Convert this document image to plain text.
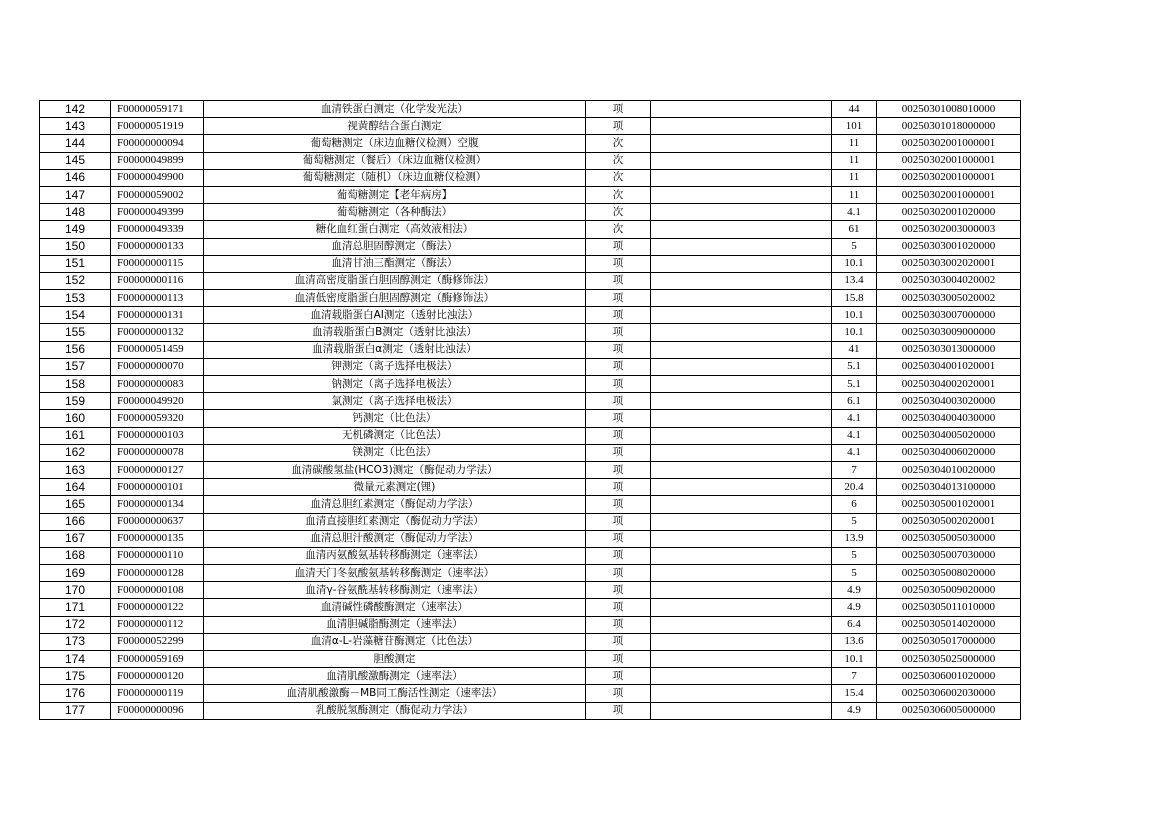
142	F00000059171	血清铁蛋白测定（化学发光法）	项		44	00250301008010000
143	F00000051919	视黄醇结合蛋白测定	项		101	00250301018000000
144	F00000000094	葡萄糖测定（床边血糖仪检测）空腹	次		11	00250302001000001
145	F00000049899	葡萄糖测定（餐后）（床边血糖仪检测）	次		11	00250302001000001
146	F00000049900	葡萄糖测定（随机）（床边血糖仪检测）	次		11	00250302001000001
147	F00000059002	葡萄糖测定【老年病房】	次		11	00250302001000001
148	F00000049399	葡萄糖测定（各种酶法）	次		4.1	00250302001020000
149	F00000049339	糖化血红蛋白测定（高效液相法）	次		61	00250302003000003
150	F00000000133	血清总胆固醇测定（酶法）	项		5	00250303001020000
151	F00000000115	血清甘油三酯测定（酶法）	项		10.1	00250303002020001
152	F00000000116	血清高密度脂蛋白胆固醇测定（酶修饰法）	项		13.4	00250303004020002
153	F00000000113	血清低密度脂蛋白胆固醇测定（酶修饰法）	项		15.8	00250303005020002
154	F00000000131	血清载脂蛋白AⅠ测定（透射比浊法）	项		10.1	00250303007000000
155	F00000000132	血清载脂蛋白B测定（透射比浊法）	项		10.1	00250303009000000
156	F00000051459	血清载脂蛋白α测定（透射比浊法）	项		41	00250303013000000
157	F00000000070	钾测定（离子选择电极法）	项		5.1	00250304001020001
158	F00000000083	钠测定（离子选择电极法）	项		5.1	00250304002020001
159	F00000049920	氯测定（离子选择电极法）	项		6.1	00250304003020000
160	F00000059320	钙测定（比色法）	项		4.1	00250304004030000
161	F00000000103	无机磷测定（比色法）	项		4.1	00250304005020000
162	F00000000078	镁测定（比色法）	项		4.1	00250304006020000
163	F00000000127	血清碳酸氢盐(HCO3)测定（酶促动力学法）	项		7	00250304010020000
164	F00000000101	微量元素测定(锂)	项		20.4	00250304013100000
165	F00000000134	血清总胆红素测定（酶促动力学法）	项		6	00250305001020001
166	F00000000637	血清直接胆红素测定（酶促动力学法）	项		5	00250305002020001
167	F00000000135	血清总胆汁酸测定（酶促动力学法）	项		13.9	00250305005030000
168	F00000000110	血清丙氨酸氨基转移酶测定（速率法）	项		5	00250305007030000
169	F00000000128	血清天门冬氨酸氨基转移酶测定（速率法）	项		5	00250305008020000
170	F00000000108	血清γ-谷氨酰基转移酶测定（速率法）	项		4.9	00250305009020000
171	F00000000122	血清碱性磷酸酶测定（速率法）	项		4.9	00250305011010000
172	F00000000112	血清胆碱脂酶测定（速率法）	项		6.4	00250305014020000
173	F00000052299	血清α-L-岩藻糖苷酶测定（比色法）	项		13.6	00250305017000000
174	F00000059169	胆酸测定	项		10.1	00250305025000000
175	F00000000120	血清肌酸激酶测定（速率法）	项		7	00250306001020000
176	F00000000119	血清肌酸激酶－MB同工酶活性测定（速率法）	项		15.4	00250306002030000
177	F00000000096	乳酸脱氢酶测定（酶促动力学法）	项		4.9	00250306005000000
